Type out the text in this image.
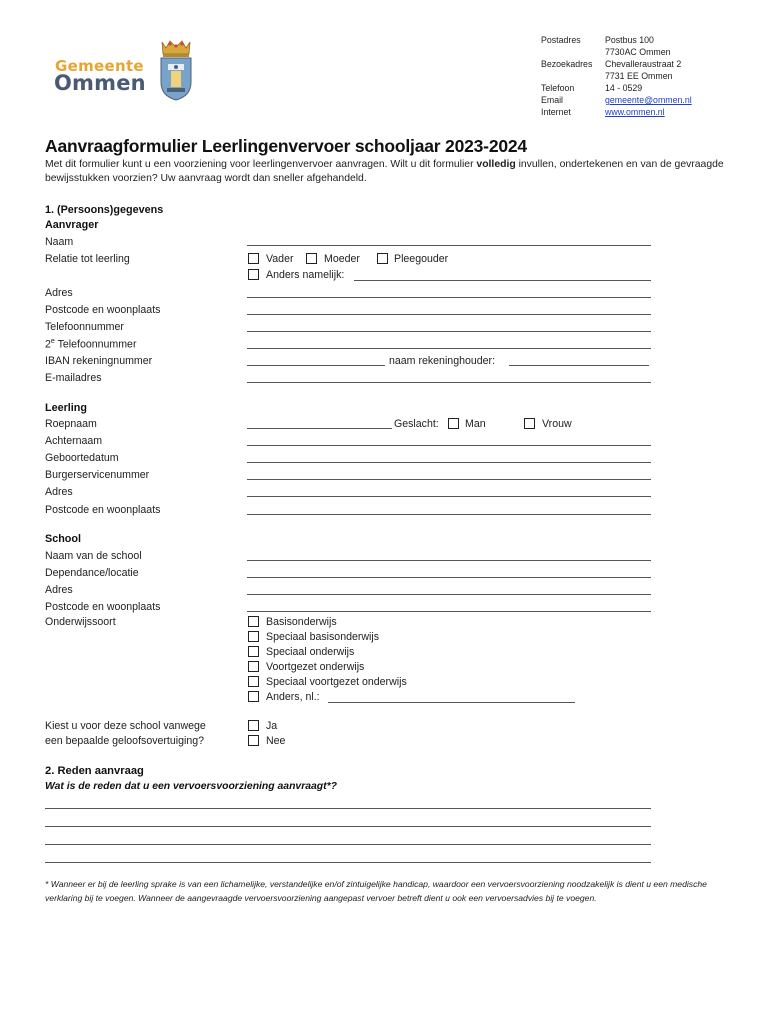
Gemeente
Ommen
Postadres	Postbus 100
7730AC Ommen
Bezoekadres Chevalleraustraat 2
7731 EE Ommen
Telefoon	14 - 0529
Email	gemeente@ommen.nl
Internet	www.ommen.nl
Aanvraagformulier Leerlingenvervoer schooljaar 2023-2024
Met dit formulier kunt u een voorziening voor leerlingenvervoer aanvragen. Wilt u dit formulier volledig invullen, ondertekenen en van de gevraagde bewijsstukken voorzien? Uw aanvraag wordt dan sneller afgehandeld.
1. (Persoons)gegevens
Aanvrager
Naam
Relatie tot leerling	Vader	Moeder	Pleegouder
Anders namelijk:
Adres
Postcode en woonplaats
Telefoonnummer
2e Telefoonnummer
IBAN rekeningnummer	naam rekeninghouder:
E-mailadres
Leerling
Roepnaam	Geslacht: Man	Vrouw
Achternaam
Geboortedatum
Burgerservicenummer
Adres
Postcode en woonplaats
School
Naam van de school
Dependance/locatie
Adres
Postcode en woonplaats
Onderwijssoort	Basisonderwijs
Speciaal basisonderwijs
Speciaal onderwijs
Voortgezet onderwijs
Speciaal voortgezet onderwijs
Anders, nl.:
Kiest u voor deze school vanwege
een bepaalde geloofsovertuiging?
Ja
Nee
2. Reden aanvraag
Wat is de reden dat u een vervoersvoorziening aanvraagt*?
* Wanneer er bij de leerling sprake is van een lichamelijke, verstandelijke en/of zintuigelijke handicap, waardoor een vervoersvoorziening noodzakelijk is dient u een medische verklaring bij te voegen. Wanneer de aangevraagde vervoersvoorziening aangepast vervoer betreft dient u ook een vervoersadvies bij te voegen.
